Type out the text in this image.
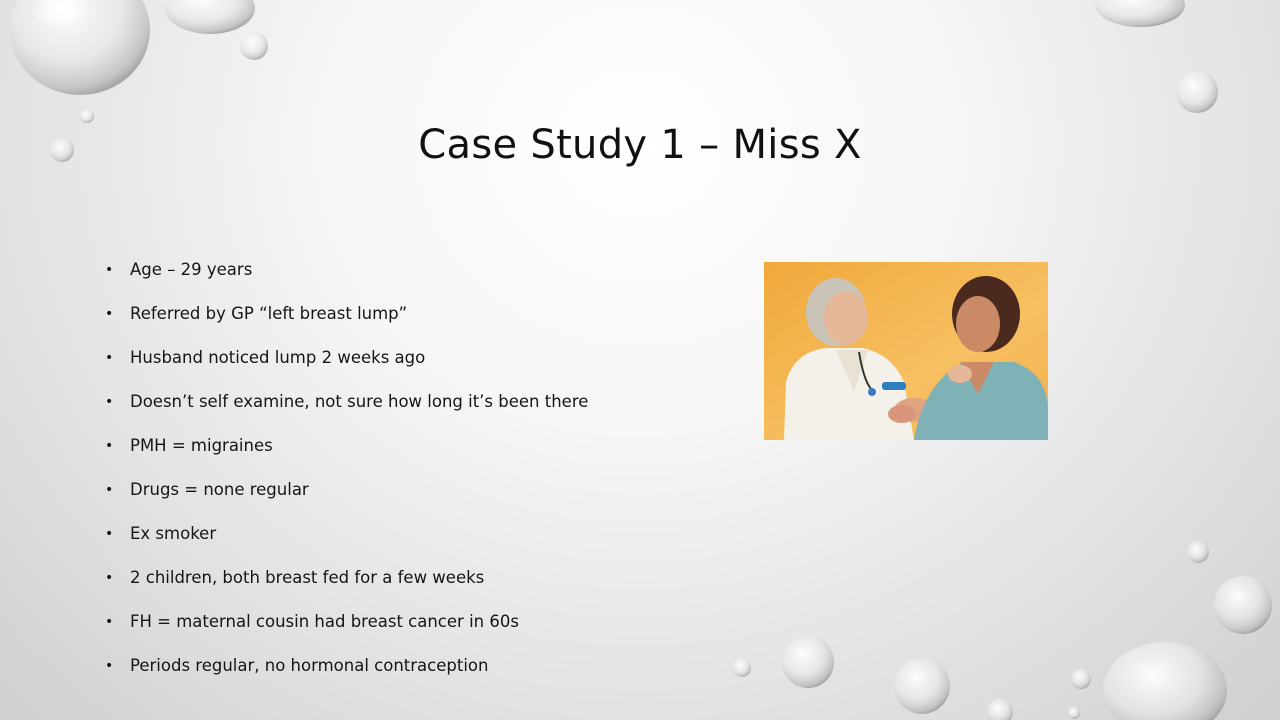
Case Study 1 – Miss X
• Age – 29 years
• Referred by GP “left breast lump”
• Husband noticed lump 2 weeks ago
• Doesn’t self examine, not sure how long it’s been there
• PMH = migraines
• Drugs = none regular
• Ex smoker
• 2 children, both breast fed for a few weeks
• FH = maternal cousin had breast cancer in 60s
• Periods regular, no hormonal contraception
